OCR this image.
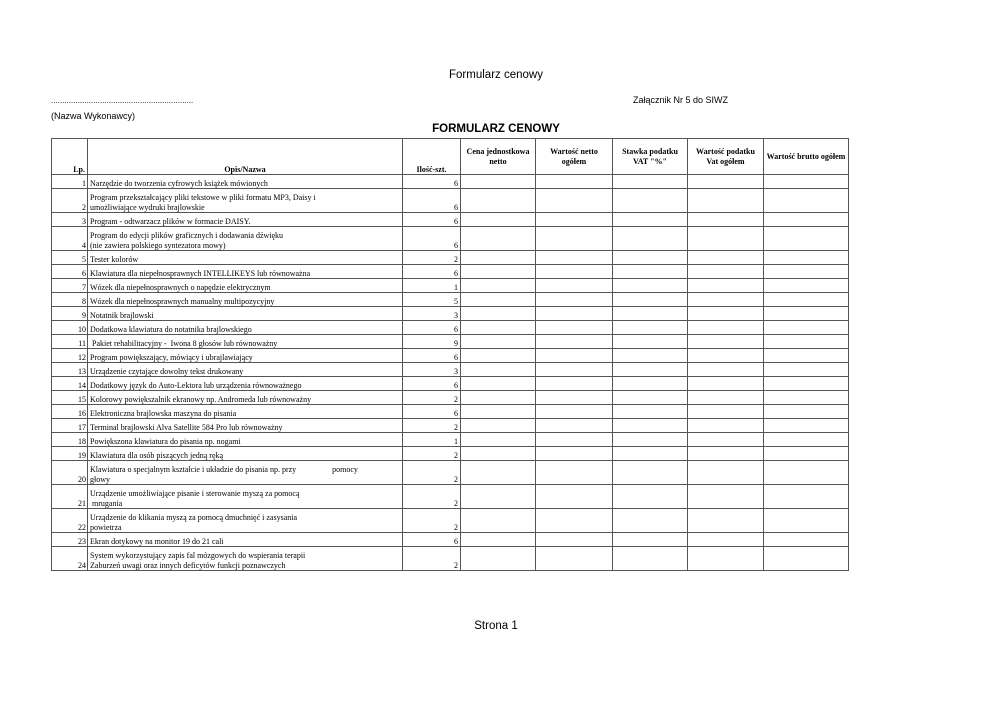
Formularz cenowy
................................................................	Załącznik Nr 5 do SIWZ
(Nazwa Wykonawcy)
FORMULARZ CENOWY
Lp.	Opis/Nazwa	Ilość-szt.	Cena jednostkowa netto	Wartość netto ogółem	Stawka podatku VAT "%"	Wartość podatku Vat ogółem	Wartość brutto ogółem
1	Narzędzie do tworzenia cyfrowych książek mówionych	6					
2	Program przekształcający pliki tekstowe w pliki formatu MP3, Daisy i
umożliwiające wydruki brajlowskie	6					
3	Program - odtwarzacz plików w formacie DAISY.	6					
4	Program do edycji plików graficznych i dodawania dźwięku
(nie zawiera polskiego syntezatora mowy)	6					
5	Tester kolorów	2					
6	Klawiatura dla niepełnosprawnych INTELLIKEYS lub równoważna	6					
7	Wózek dla niepełnosprawnych o napędzie elektrycznym	1					
8	Wózek dla niepełnosprawnych manualny multipozycyjny	5					
9	Notatnik brajlowski	3					
10	Dodatkowa klawiatura do notatnika brajlowskiego	6					
11	Pakiet rehabilitacyjny -  Iwona 8 głosów lub równoważny	9					
12	Program powiększający, mówiący i ubrajlawiający	6					
13	Urządzenie czytające dowolny tekst drukowany	3					
14	Dodatkowy język do Auto-Lektora lub urządzenia równoważnego	6					
15	Kolorowy powiększalnik ekranowy np. Andromeda lub równoważny	2					
16	Elektroniczna brajlowska maszyna do pisania	6					
17	Terminal brajlowski Alva Satellite 584 Pro lub równoważny	2					
18	Powiększona klawiatura do pisania np. nogami	1					
19	Klawiatura dla osób piszących jedną ręką	2					
20	Klawiatura o specjalnym kształcie i układzie do pisania np. przy                  pomocy
głowy	2					
21	Urządzenie umożliwiające pisanie i sterowanie myszą za pomocą
mrugania	2					
22	Urządzenie do klikania myszą za pomocą dmuchnięć i zasysania
powietrza	2					
23	Ekran dotykowy na monitor 19 do 21 cali	6					
24	System wykorzystujący zapis fal mózgowych do wspierania terapii
Zaburzeń uwagi oraz innych deficytów funkcji poznawczych	2					
Strona 1
